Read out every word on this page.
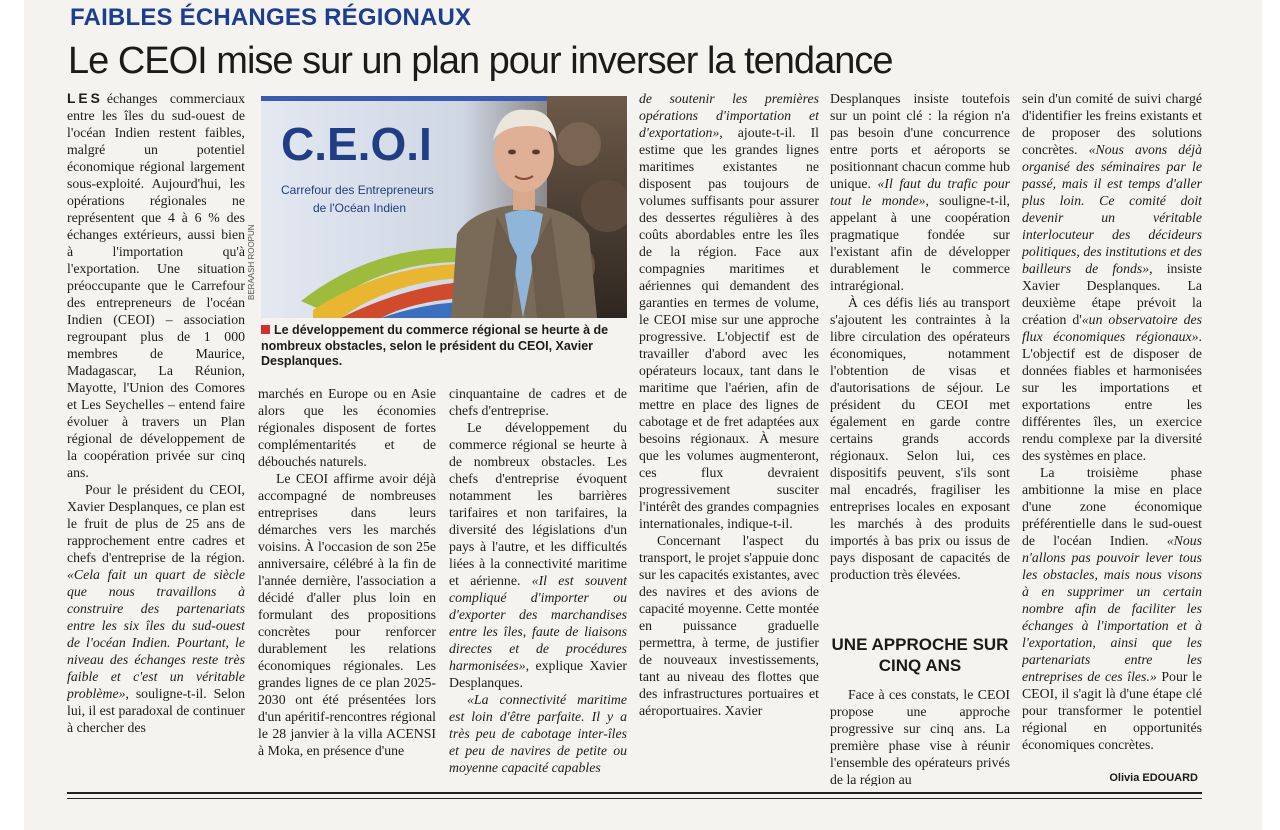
FAIBLES ÉCHANGES RÉGIONAUX
Le CEOI mise sur un plan pour inverser la tendance

LES échanges commerciaux entre les îles du sud-ouest de l'océan Indien restent faibles, malgré un potentiel économique régional largement sous-exploité. Aujourd'hui, les opérations régionales ne représentent que 4 à 6 % des échanges extérieurs, aussi bien à l'importation qu'à l'exportation. Une situation préoccupante que le Carrefour des entrepreneurs de l'océan Indien (CEOI) – association regroupant plus de 1 000 membres de Maurice, Madagascar, La Réunion, Mayotte, l'Union des Comores et Les Seychelles – entend faire évoluer à travers un Plan régional de développement de la coopération privée sur cinq ans.

Pour le président du CEOI, Xavier Desplanques, ce plan est le fruit de plus de 25 ans de rapprochement entre cadres et chefs d'entreprise de la région. «Cela fait un quart de siècle que nous travaillons à construire des partenariats entre les six îles du sud-ouest de l'océan Indien. Pourtant, le niveau des échanges reste très faible et c'est un véritable problème», souligne-t-il. Selon lui, il est paradoxal de continuer à chercher des

BERAASH ROOPUN
C.E.O.I
Carrefour des Entrepreneurs
de l'Océan Indien
Le développement du commerce régional se heurte à de nombreux obstacles, selon le président du CEOI, Xavier Desplanques.

marchés en Europe ou en Asie alors que les économies régionales disposent de fortes complémentarités et de débouchés naturels.

Le CEOI affirme avoir déjà accompagné de nombreuses entreprises dans leurs démarches vers les marchés voisins. À l'occasion de son 25e anniversaire, célébré à la fin de l'année dernière, l'association a décidé d'aller plus loin en formulant des propositions concrètes pour renforcer durablement les relations économiques régionales. Les grandes lignes de ce plan 2025-2030 ont été présentées lors d'un apéritif-rencontres régional le 28 janvier à la villa ACENSI à Moka, en présence d'une

cinquantaine de cadres et de chefs d'entreprise.

Le développement du commerce régional se heurte à de nombreux obstacles. Les chefs d'entreprise évoquent notamment les barrières tarifaires et non tarifaires, la diversité des législations d'un pays à l'autre, et les difficultés liées à la connectivité maritime et aérienne. «Il est souvent compliqué d'importer ou d'exporter des marchandises entre les îles, faute de liaisons directes et de procédures harmonisées», explique Xavier Desplanques.

«La connectivité maritime est loin d'être parfaite. Il y a très peu de cabotage inter-îles et peu de navires de petite ou moyenne capacité capables

de soutenir les premières opérations d'importation et d'exportation», ajoute-t-il. Il estime que les grandes lignes maritimes existantes ne disposent pas toujours de volumes suffisants pour assurer des dessertes régulières à des coûts abordables entre les îles de la région. Face aux compagnies maritimes et aériennes qui demandent des garanties en termes de volume, le CEOI mise sur une approche progressive. L'objectif est de travailler d'abord avec les opérateurs locaux, tant dans le maritime que l'aérien, afin de mettre en place des lignes de cabotage et de fret adaptées aux besoins régionaux. À mesure que les volumes augmenteront, ces flux devraient progressivement susciter l'intérêt des grandes compagnies internationales, indique-t-il.

Concernant l'aspect du transport, le projet s'appuie donc sur les capacités existantes, avec des navires et des avions de capacité moyenne. Cette montée en puissance graduelle permettra, à terme, de justifier de nouveaux investissements, tant au niveau des flottes que des infrastructures portuaires et aéroportuaires. Xavier

Desplanques insiste toutefois sur un point clé : la région n'a pas besoin d'une concurrence entre ports et aéroports se positionnant chacun comme hub unique. «Il faut du trafic pour tout le monde», souligne-t-il, appelant à une coopération pragmatique fondée sur l'existant afin de développer durablement le commerce intrarégional.

À ces défis liés au transport s'ajoutent les contraintes à la libre circulation des opérateurs économiques, notamment l'obtention de visas et d'autorisations de séjour. Le président du CEOI met également en garde contre certains grands accords régionaux. Selon lui, ces dispositifs peuvent, s'ils sont mal encadrés, fragiliser les entreprises locales en exposant les marchés à des produits importés à bas prix ou issus de pays disposant de capacités de production très élevées.

UNE APPROCHE SUR CINQ ANS

Face à ces constats, le CEOI propose une approche progressive sur cinq ans. La première phase vise à réunir l'ensemble des opérateurs privés de la région au

sein d'un comité de suivi chargé d'identifier les freins existants et de proposer des solutions concrètes. «Nous avons déjà organisé des séminaires par le passé, mais il est temps d'aller plus loin. Ce comité doit devenir un véritable interlocuteur des décideurs politiques, des institutions et des bailleurs de fonds», insiste Xavier Desplanques. La deuxième étape prévoit la création d'«un observatoire des flux économiques régionaux». L'objectif est de disposer de données fiables et harmonisées sur les importations et exportations entre les différentes îles, un exercice rendu complexe par la diversité des systèmes en place.

La troisième phase ambitionne la mise en place d'une zone économique préférentielle dans le sud-ouest de l'océan Indien. «Nous n'allons pas pouvoir lever tous les obstacles, mais nous visons à en supprimer un certain nombre afin de faciliter les échanges à l'importation et à l'exportation, ainsi que les partenariats entre les entreprises de ces îles.» Pour le CEOI, il s'agit là d'une étape clé pour transformer le potentiel régional en opportunités économiques concrètes.

Olivia EDOUARD
